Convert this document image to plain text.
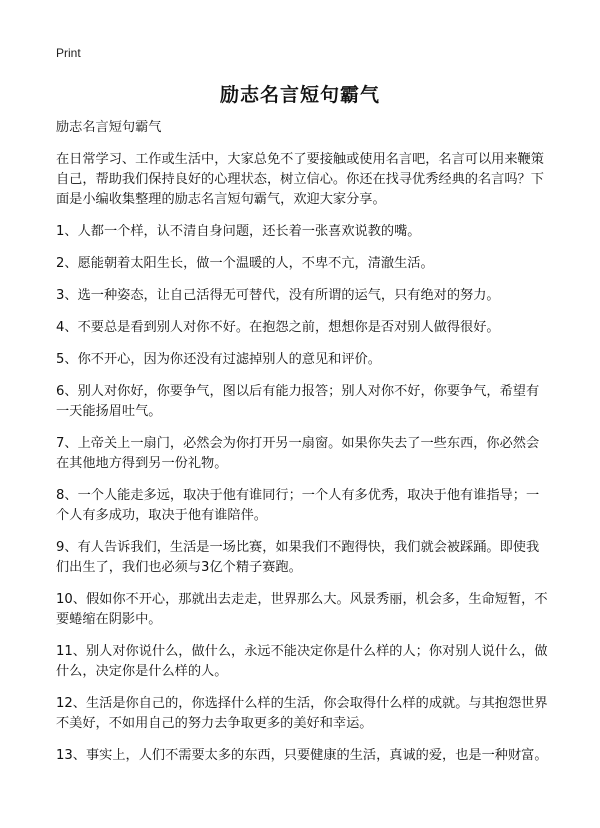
Print
励志名言短句霸气

励志名言短句霸气

在日常学习、工作或生活中，大家总免不了要接触或使用名言吧，名言可以用来鞭策自己，帮助我们保持良好的心理状态，树立信心。你还在找寻优秀经典的名言吗？下面是小编收集整理的励志名言短句霸气，欢迎大家分享。

1、人都一个样，认不清自身问题，还长着一张喜欢说教的嘴。

2、愿能朝着太阳生长，做一个温暖的人，不卑不亢，清澈生活。

3、选一种姿态，让自己活得无可替代，没有所谓的运气，只有绝对的努力。

4、不要总是看到别人对你不好。在抱怨之前，想想你是否对别人做得很好。

5、你不开心，因为你还没有过滤掉别人的意见和评价。

6、别人对你好，你要争气，图以后有能力报答；别人对你不好，你要争气，希望有一天能扬眉吐气。

7、上帝关上一扇门，必然会为你打开另一扇窗。如果你失去了一些东西，你必然会在其他地方得到另一份礼物。

8、一个人能走多远，取决于他有谁同行；一个人有多优秀，取决于他有谁指导；一个人有多成功，取决于他有谁陪伴。

9、有人告诉我们，生活是一场比赛，如果我们不跑得快，我们就会被踩踊。即使我们出生了，我们也必须与3亿个精子赛跑。

10、假如你不开心，那就出去走走，世界那么大。风景秀丽，机会多，生命短暂，不要蜷缩在阴影中。

11、别人对你说什么，做什么，永远不能决定你是什么样的人；你对别人说什么，做什么，决定你是什么样的人。

12、生活是你自己的，你选择什么样的生活，你会取得什么样的成就。与其抱怨世界不美好，不如用自己的努力去争取更多的美好和幸运。

13、事实上，人们不需要太多的东西，只要健康的生活，真诚的爱，也是一种财富。
